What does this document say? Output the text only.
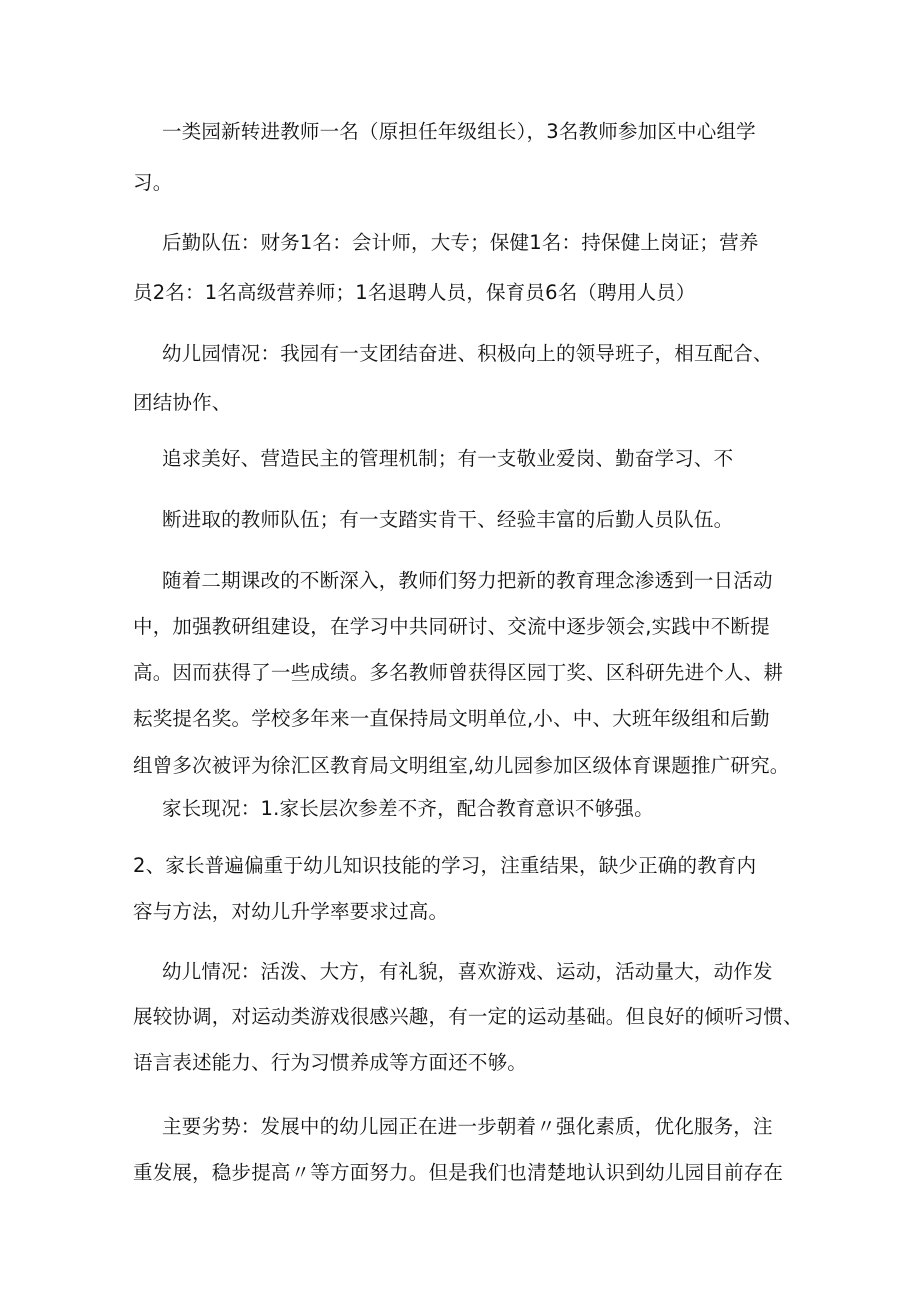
一类园新转进教师一名（原担任年级组长），3名教师参加区中心组学
习。
后勤队伍：财务1名：会计师，大专；保健1名：持保健上岗证；营养
员2名：1名高级营养师；1名退聘人员，保育员6名（聘用人员）
幼儿园情况：我园有一支团结奋进、积极向上的领导班子，相互配合、
团结协作、
追求美好、营造民主的管理机制；有一支敬业爱岗、勤奋学习、不
断进取的教师队伍；有一支踏实肯干、经验丰富的后勤人员队伍。
随着二期课改的不断深入，教师们努力把新的教育理念渗透到一日活动
中，加强教研组建设，在学习中共同研讨、交流中逐步领会,实践中不断提
高。因而获得了一些成绩。多名教师曾获得区园丁奖、区科研先进个人、耕
耘奖提名奖。学校多年来一直保持局文明单位,小、中、大班年级组和后勤
组曾多次被评为徐汇区教育局文明组室,幼儿园参加区级体育课题推广研究。
家长现况：1.家长层次参差不齐，配合教育意识不够强。
2、家长普遍偏重于幼儿知识技能的学习，注重结果，缺少正确的教育内
容与方法，对幼儿升学率要求过高。
幼儿情况：活泼、大方，有礼貌，喜欢游戏、运动，活动量大，动作发
展较协调，对运动类游戏很感兴趣，有一定的运动基础。但良好的倾听习惯、
语言表述能力、行为习惯养成等方面还不够。
主要劣势：发展中的幼儿园正在进一步朝着〃强化素质，优化服务，注
重发展，稳步提高〃等方面努力。但是我们也清楚地认识到幼儿园目前存在
